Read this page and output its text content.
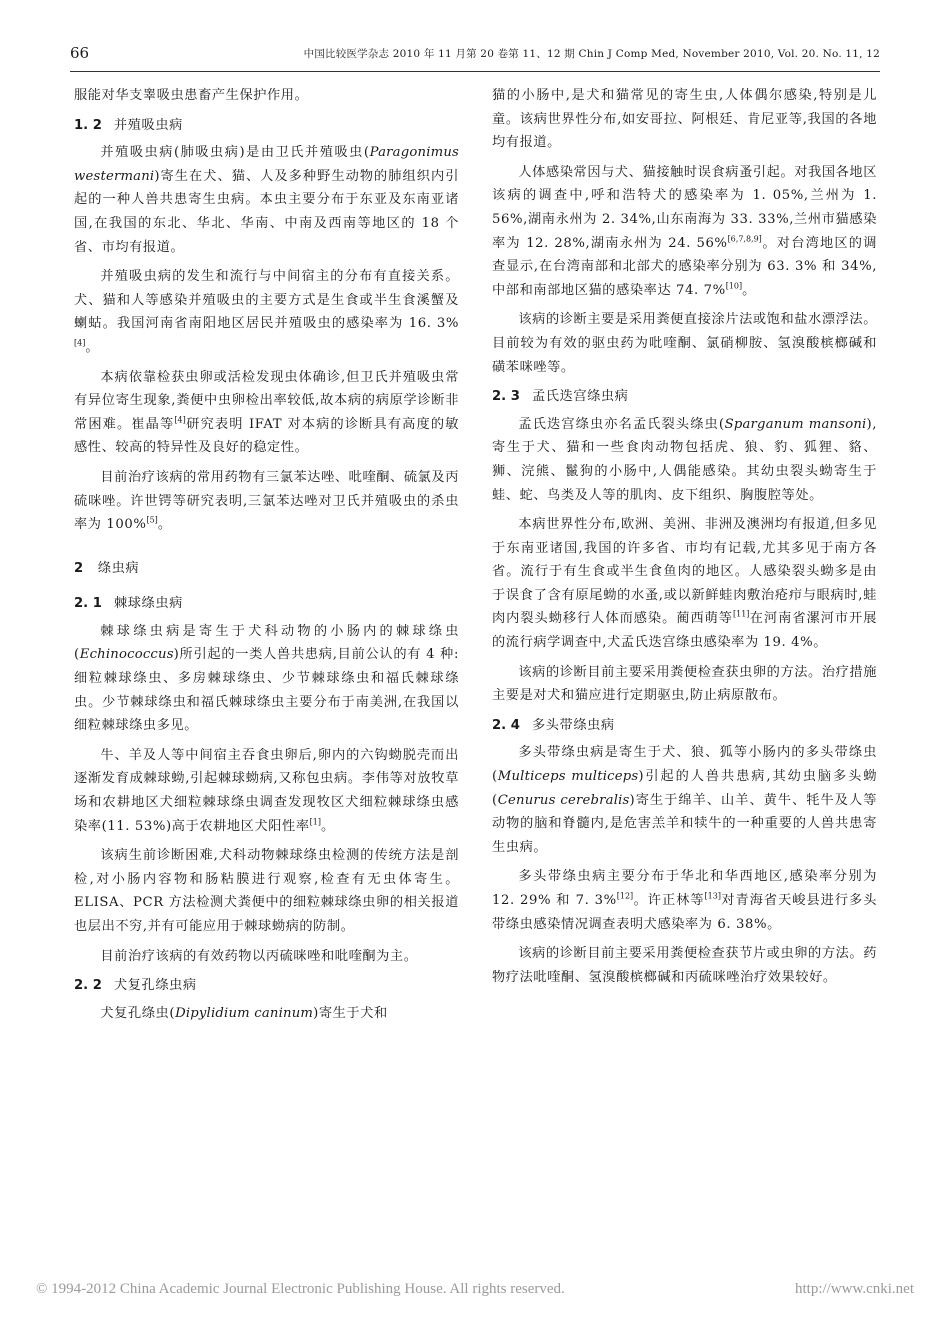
66	中国比较医学杂志 2010 年 11 月第 20 卷第 11、12 期 Chin J Comp Med, November 2010, Vol. 20. No. 11, 12

服能对华支睾吸虫患畜产生保护作用。

1. 2 并殖吸虫病

并殖吸虫病(肺吸虫病)是由卫氏并殖吸虫(Paragonimus westermani)寄生在犬、猫、人及多种野生动物的肺组织内引起的一种人兽共患寄生虫病。本虫主要分布于东亚及东南亚诸国,在我国的东北、华北、华南、中南及西南等地区的 18 个省、市均有报道。

并殖吸虫病的发生和流行与中间宿主的分布有直接关系。犬、猫和人等感染并殖吸虫的主要方式是生食或半生食溪蟹及蝲蛄。我国河南省南阳地区居民并殖吸虫的感染率为 16. 3%[4]。

本病依靠检获虫卵或活检发现虫体确诊,但卫氏并殖吸虫常有异位寄生现象,粪便中虫卵检出率较低,故本病的病原学诊断非常困难。崔晶等[4]研究表明 IFAT 对本病的诊断具有高度的敏感性、较高的特异性及良好的稳定性。

目前治疗该病的常用药物有三氯苯达唑、吡喹酮、硫氯及丙硫咪唑。许世锷等研究表明,三氯苯达唑对卫氏并殖吸虫的杀虫率为 100%[5]。

2 绦虫病
2. 1 棘球绦虫病

棘球绦虫病是寄生于犬科动物的小肠内的棘球绦虫(Echinococcus)所引起的一类人兽共患病,目前公认的有 4 种:细粒棘球绦虫、多房棘球绦虫、少节棘球绦虫和福氏棘球绦虫。少节棘球绦虫和福氏棘球绦虫主要分布于南美洲,在我国以细粒棘球绦虫多见。

牛、羊及人等中间宿主吞食虫卵后,卵内的六钩蚴脱壳而出逐渐发育成棘球蚴,引起棘球蚴病,又称包虫病。李伟等对放牧草场和农耕地区犬细粒棘球绦虫调查发现牧区犬细粒棘球绦虫感染率(11. 53%)高于农耕地区犬阳性率[1]。

该病生前诊断困难,犬科动物棘球绦虫检测的传统方法是剖检,对小肠内容物和肠粘膜进行观察,检查有无虫体寄生。ELISA、PCR 方法检测犬粪便中的细粒棘球绦虫卵的相关报道也层出不穷,并有可能应用于棘球蚴病的防制。

目前治疗该病的有效药物以丙硫咪唑和吡喹酮为主。

2. 2 犬复孔绦虫病

犬复孔绦虫(Dipylidium caninum)寄生于犬和

猫的小肠中,是犬和猫常见的寄生虫,人体偶尔感染,特别是儿童。该病世界性分布,如安哥拉、阿根廷、肯尼亚等,我国的各地均有报道。

人体感染常因与犬、猫接触时误食病蚤引起。对我国各地区该病的调查中,呼和浩特犬的感染率为 1. 05%,兰州为 1. 56%,湖南永州为 2. 34%,山东南海为 33. 33%,兰州市猫感染率为 12. 28%,湖南永州为 24. 56%[6,7,8,9]。对台湾地区的调查显示,在台湾南部和北部犬的感染率分别为 63. 3% 和 34%,中部和南部地区猫的感染率达 74. 7%[10]。

该病的诊断主要是采用粪便直接涂片法或饱和盐水漂浮法。目前较为有效的驱虫药为吡喹酮、氯硝柳胺、氢溴酸槟榔碱和磺苯咪唑等。

2. 3 孟氏迭宫绦虫病

孟氏迭宫绦虫亦名孟氏裂头绦虫(Sparganum mansoni),寄生于犬、猫和一些食肉动物包括虎、狼、豹、狐狸、貉、狮、浣熊、鬣狗的小肠中,人偶能感染。其幼虫裂头蚴寄生于蛙、蛇、鸟类及人等的肌肉、皮下组织、胸腹腔等处。

本病世界性分布,欧洲、美洲、非洲及澳洲均有报道,但多见于东南亚诸国,我国的许多省、市均有记载,尤其多见于南方各省。流行于有生食或半生食鱼肉的地区。人感染裂头蚴多是由于误食了含有原尾蚴的水蚤,或以新鲜蛙肉敷治疮疖与眼病时,蛙肉内裂头蚴移行人体而感染。蔺西萌等[11]在河南省漯河市开展的流行病学调查中,犬孟氏迭宫绦虫感染率为 19. 4%。

该病的诊断目前主要采用粪便检查获虫卵的方法。治疗措施主要是对犬和猫应进行定期驱虫,防止病原散布。

2. 4 多头带绦虫病

多头带绦虫病是寄生于犬、狼、狐等小肠内的多头带绦虫(Multiceps multiceps)引起的人兽共患病,其幼虫脑多头蚴(Cenurus cerebralis)寄生于绵羊、山羊、黄牛、牦牛及人等动物的脑和脊髓内,是危害羔羊和犊牛的一种重要的人兽共患寄生虫病。

多头带绦虫病主要分布于华北和华西地区,感染率分别为 12. 29% 和 7. 3%[12]。许正林等[13]对青海省天峻县进行多头带绦虫感染情况调查表明犬感染率为 6. 38%。

该病的诊断目前主要采用粪便检查获节片或虫卵的方法。药物疗法吡喹酮、氢溴酸槟榔碱和丙硫咪唑治疗效果较好。

© 1994-2012 China Academic Journal Electronic Publishing House. All rights reserved.	http://www.cnki.net
